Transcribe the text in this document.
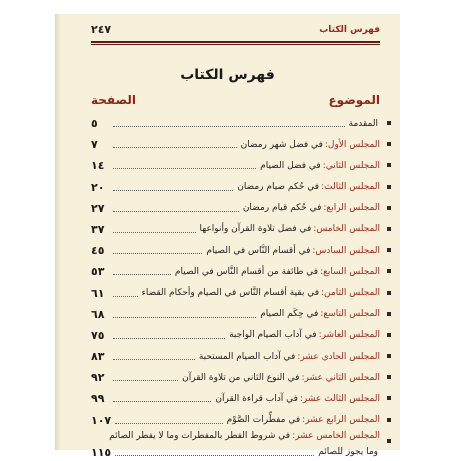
فهرس الكتاب
٢٤٧
فهرس الكتاب
الموضوع
الصفحة
المقدمة
٥
المجلس الأول:
في فضل شهر رمضان
٧
المجلس الثاني:
في فضل الصيام
١٤
المجلس الثالث:
في حُكم صيام رمضان
٢٠
المجلس الرابع:
في حُكم قيام رمضان
٢٧
المجلس الخامس:
في فضل تلاوة القرآن وأنواعها
٣٧
المجلس السادس:
في أقسام النَّاس في الصيام
٤٥
المجلس السابع:
في طائفة من أقسام النَّاس في الصيام
٥٣
المجلس الثامن:
في بقية أقسام النَّاس في الصيام وأحكام القضاء
٦١
المجلس التاسع:
في حِكَم الصيام
٦٨
المجلس العاشر:
في آداب الصيام الواجبة
٧٥
المجلس الحادي عشر:
في آداب الصيام المستحبة
٨٣
المجلس الثاني عشر:
في النوع الثاني من تلاوة القرآن
٩٢
المجلس الثالث عشر:
في آداب قراءة القرآن
٩٩
المجلس الرابع عشر:
في مفطِّرات الصَّوْم
١٠٧
المجلس الخامس عشر:
في شروط الفطر بالمفطرات وما لا يفطر الصائم
وما يجوز للصائم
١١٥
